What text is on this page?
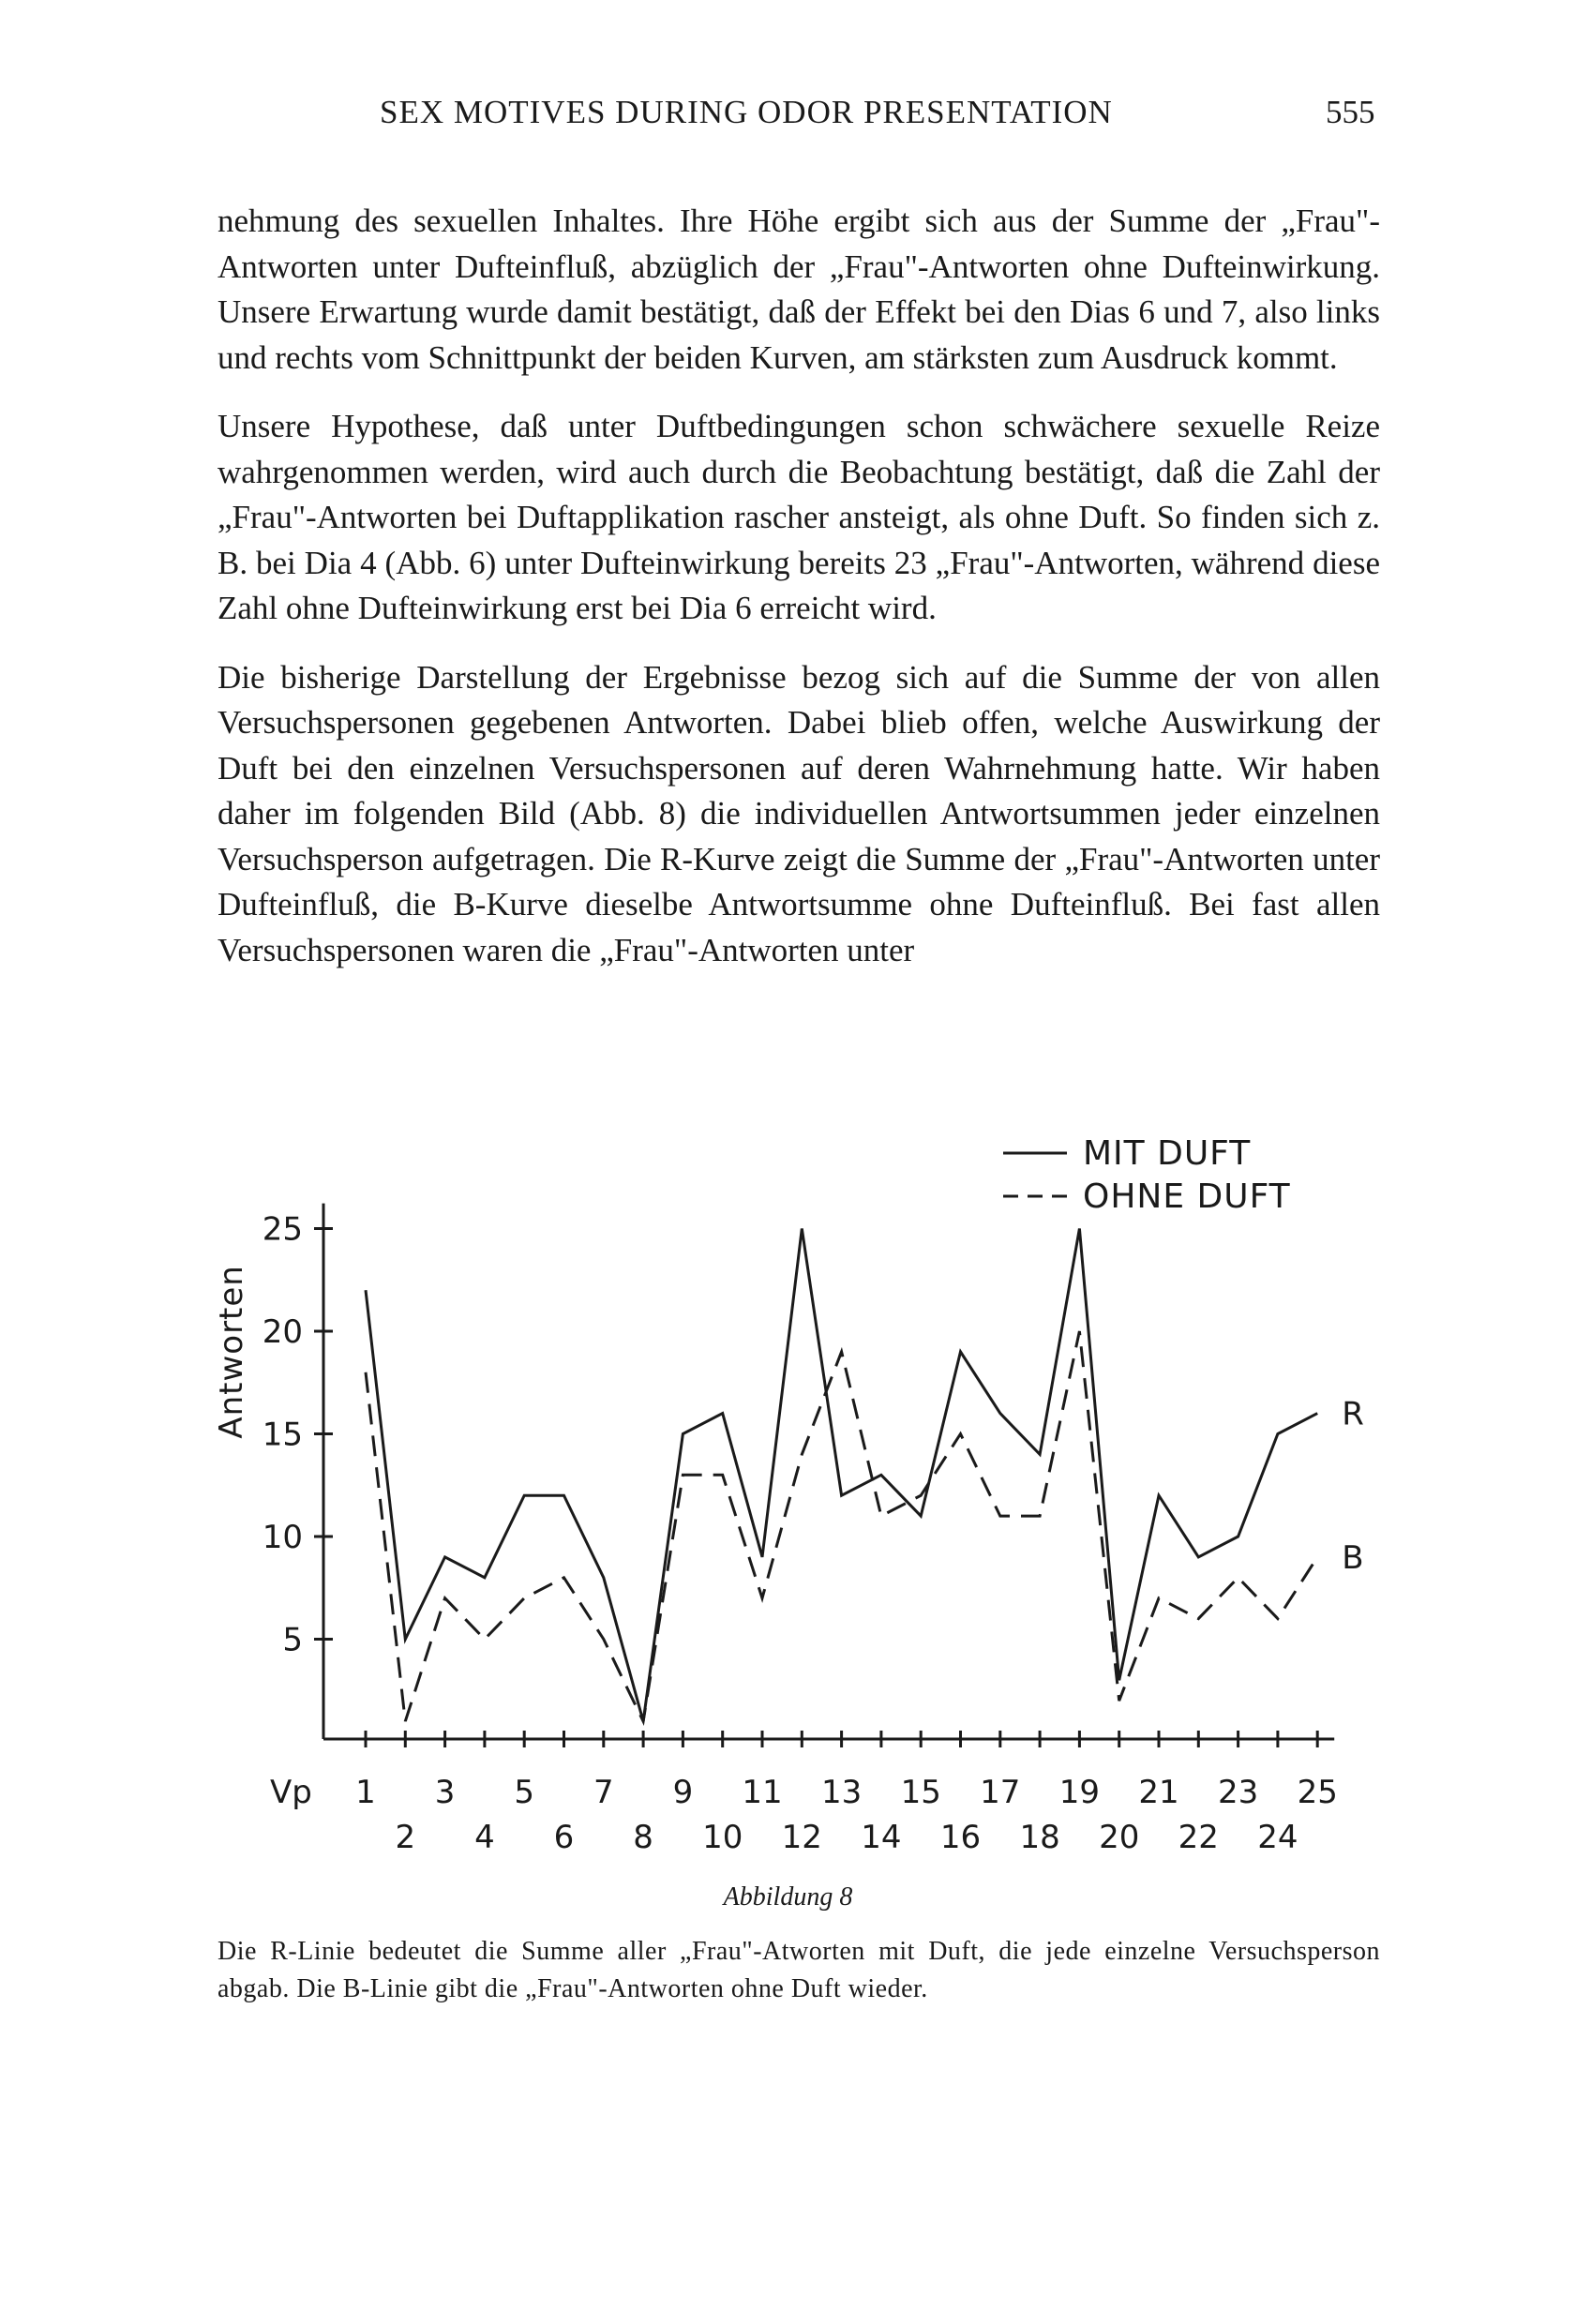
SEX MOTIVES DURING ODOR PRESENTATION	555

nehmung des sexuellen Inhaltes. Ihre Höhe ergibt sich aus der Summe der „Frau"-Antworten unter Dufteinfluß, abzüglich der „Frau"-Antworten ohne Dufteinwirkung. Unsere Erwartung wurde damit bestätigt, daß der Effekt bei den Dias 6 und 7, also links und rechts vom Schnittpunkt der beiden Kurven, am stärksten zum Ausdruck kommt.

Unsere Hypothese, daß unter Duftbedingungen schon schwächere sexuelle Reize wahrgenommen werden, wird auch durch die Beobachtung bestätigt, daß die Zahl der „Frau"-Antworten bei Duftapplikation rascher ansteigt, als ohne Duft. So finden sich z. B. bei Dia 4 (Abb. 6) unter Dufteinwirkung bereits 23 „Frau"-Antworten, während diese Zahl ohne Dufteinwirkung erst bei Dia 6 erreicht wird.

Die bisherige Darstellung der Ergebnisse bezog sich auf die Summe der von allen Versuchspersonen gegebenen Antworten. Dabei blieb offen, welche Auswirkung der Duft bei den einzelnen Versuchspersonen auf deren Wahrnehmung hatte. Wir haben daher im folgenden Bild (Abb. 8) die individuellen Antwortsummen jeder einzelnen Versuchsperson aufgetragen. Die R-Kurve zeigt die Summe der „Frau"-Antworten unter Dufteinfluß, die B-Kurve dieselbe Antwortsumme ohne Dufteinfluß. Bei fast allen Versuchspersonen waren die „Frau"-Antworten unter

5
10
15
20
25
Antworten
Vp 1 3 5 7 9 11 13 15 17 19 21 23 25
2 4 6 8 10 12 14 16 18 20 22 24
R
B
MIT DUFT
OHNE DUFT
Abbildung 8
Die R-Linie bedeutet die Summe aller „Frau"-Atworten mit Duft, die jede einzelne Versuchsperson abgab. Die B-Linie gibt die „Frau"-Antworten ohne Duft wieder.
